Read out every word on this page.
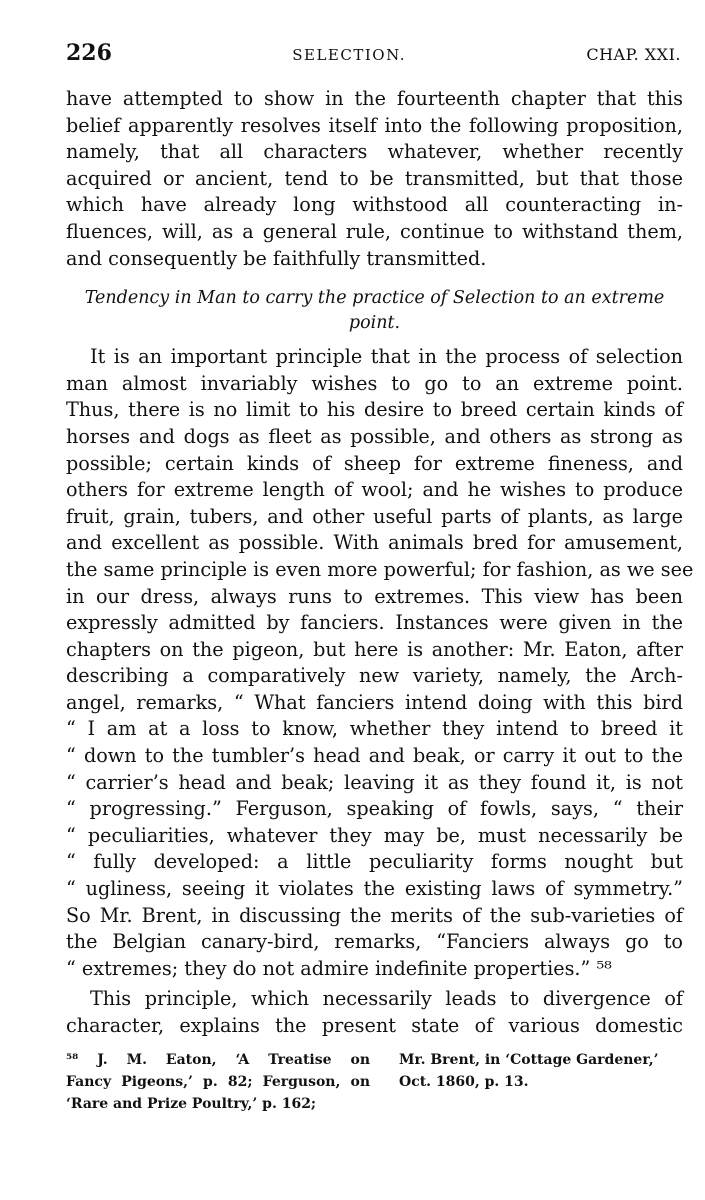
226	SELECTION.	CHAP. XXI.
have attempted to show in the fourteenth chapter that this
belief apparently resolves itself into the following proposition,
namely, that all characters whatever, whether recently
acquired or ancient, tend to be transmitted, but that those
which have already long withstood all counteracting in-
fluences, will, as a general rule, continue to withstand them,
and consequently be faithfully transmitted.
Tendency in Man to carry the practice of Selection to an extreme
point.
It is an important principle that in the process of selection
man almost invariably wishes to go to an extreme point.
Thus, there is no limit to his desire to breed certain kinds of
horses and dogs as fleet as possible, and others as strong as
possible; certain kinds of sheep for extreme fineness, and
others for extreme length of wool; and he wishes to produce
fruit, grain, tubers, and other useful parts of plants, as large
and excellent as possible. With animals bred for amusement,
the same principle is even more powerful; for fashion, as we see
in our dress, always runs to extremes. This view has been
expressly admitted by fanciers. Instances were given in the
chapters on the pigeon, but here is another: Mr. Eaton, after
describing a comparatively new variety, namely, the Arch-
angel, remarks, “ What fanciers intend doing with this bird
“ I am at a loss to know, whether they intend to breed it
“ down to the tumbler’s head and beak, or carry it out to the
“ carrier’s head and beak; leaving it as they found it, is not
“ progressing.” Ferguson, speaking of fowls, says, “ their
“ peculiarities, whatever they may be, must necessarily be
“ fully developed: a little peculiarity forms nought but
“ ugliness, seeing it violates the existing laws of symmetry.”
So Mr. Brent, in discussing the merits of the sub-varieties of
the Belgian canary-bird, remarks, “Fanciers always go to
“ extremes; they do not admire indefinite properties.” ⁵⁸
This principle, which necessarily leads to divergence of
character, explains the present state of various domestic
⁵⁸ J. M. Eaton, ‘A Treatise on
Fancy Pigeons,’ p. 82; Ferguson, on
‘Rare and Prize Poultry,’ p. 162;
Mr. Brent, in ‘Cottage Gardener,’
Oct. 1860, p. 13.
